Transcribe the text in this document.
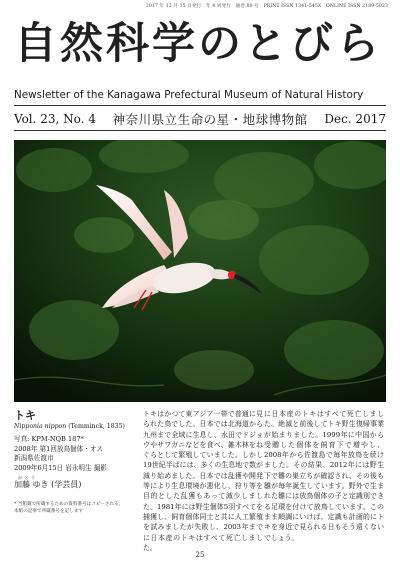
2017 年 12 月 15 日発行　年 4 回発行　通巻 89 号　PRINT ISSN 1341-545X　ONLINE ISSN 2189-5023
自然科学のとびら
Newsletter of the Kanagawa Prefectural Museum of Natural History
Vol. 23, No. 4 神奈川県立生命の星・地球博物館 Dec. 2017
トキ
Nipponia nippon (Temminck, 1835)
写真: KPM-NQB 187*
2008年 第1回放鳥個体・オス
新潟県佐渡市
2009年6月15日 岩永明生 撮影
か と う
加藤 ゆき (学芸員)
* 当館蔵で所蔵するための資料番号はコピーされる。本紙の記事で所蔵番号を記します

トキはかつて東アジア一帯で普通に見られた鳥でした。日本では北海道から九州まで全域に生息し、水田でドジョウやサワガニなどを食べ、雑木林をねぐらとして繁殖していました。しかし19世紀半ばには、多くの生息地で数が減り始めました。日本では乱獲や開発等により生息環境が悪化し、狩り等を目的とした乱獲もあって減少しました。1981年には野生個体5羽すべてを捕獲し、飼育個体同士と共に人工繁殖を試みましたが失敗し、2003年までに日本産のトキはすべて死亡しました。

に日本産のトキはすべて死亡しました。絶滅と前後してトキ野生復帰事業が始まりました。1999年に中国から受贈した個体を飼育下で増やし、2008年から佐渡島で毎年放鳥を続けました。その結果、2012年には野生下で雛の巣立ちが確認され、その後も雛が毎年誕生しています。野外で生まれた雛には放鳥個体の子と定識別できる足環を付けて放鳥しています。このまま順調にいけば、定識も計画的にトキを身近で見られる日もそう遠くないでしょう。

25
